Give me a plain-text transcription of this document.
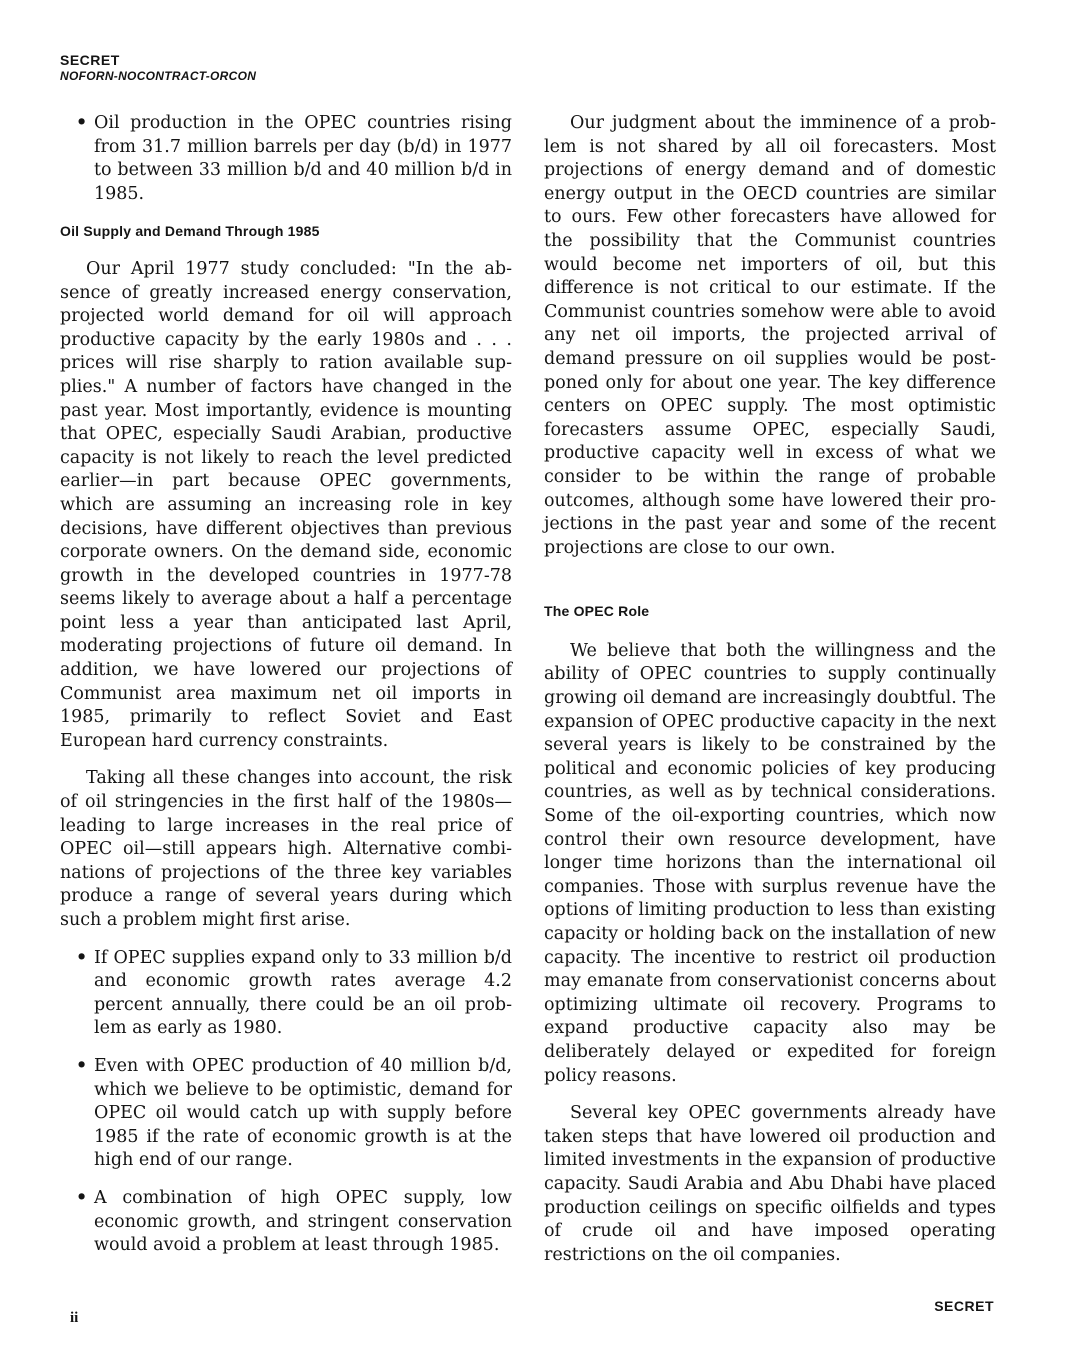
SECRET
NOFORN-NOCONTRACT-ORCON
• Oil production in the OPEC countries rising from 31.7 million barrels per day (b/d) in 1977 to between 33 million b/d and 40 million b/d in 1985.
Oil Supply and Demand Through 1985

Our April 1977 study concluded: "In the absence of greatly increased energy conservation, projected world demand for oil will approach productive capacity by the early 1980s and . . . prices will rise sharply to ration available supplies." A number of factors have changed in the past year. Most importantly, evidence is mounting that OPEC, especially Saudi Arabian, productive capacity is not likely to reach the level predicted earlier—in part because OPEC governments, which are assuming an increasing role in key decisions, have different objectives than previous corporate owners. On the demand side, economic growth in the developed countries in 1977-78 seems likely to average about a half a percentage point less a year than anticipated last April, moderating projections of future oil demand. In addition, we have lowered our projections of Communist area maximum net oil imports in 1985, primarily to reflect Soviet and East European hard currency constraints.

Taking all these changes into account, the risk of oil stringencies in the first half of the 1980s—leading to large increases in the real price of OPEC oil—still appears high. Alternative combinations of projections of the three key variables produce a range of several years during which such a problem might first arise.

• If OPEC supplies expand only to 33 million b/d and economic growth rates average 4.2 percent annually, there could be an oil problem as early as 1980.
• Even with OPEC production of 40 million b/d, which we believe to be optimistic, demand for OPEC oil would catch up with supply before 1985 if the rate of economic growth is at the high end of our range.
• A combination of high OPEC supply, low economic growth, and stringent conservation would avoid a problem at least through 1985.

Our judgment about the imminence of a problem is not shared by all oil forecasters. Most projections of energy demand and of domestic energy output in the OECD countries are similar to ours. Few other forecasters have allowed for the possibility that the Communist countries would become net importers of oil, but this difference is not critical to our estimate. If the Communist countries somehow were able to avoid any net oil imports, the projected arrival of demand pressure on oil supplies would be postponed only for about one year. The key difference centers on OPEC supply. The most optimistic forecasters assume OPEC, especially Saudi, productive capacity well in excess of what we consider to be within the range of probable outcomes, although some have lowered their projections in the past year and some of the recent projections are close to our own.

The OPEC Role

We believe that both the willingness and the ability of OPEC countries to supply continually growing oil demand are increasingly doubtful. The expansion of OPEC productive capacity in the next several years is likely to be constrained by the political and economic policies of key producing countries, as well as by technical considerations. Some of the oil-exporting countries, which now control their own resource development, have longer time horizons than the international oil companies. Those with surplus revenue have the options of limiting production to less than existing capacity or holding back on the installation of new capacity. The incentive to restrict oil production may emanate from conservationist concerns about optimizing ultimate oil recovery. Programs to expand productive capacity also may be deliberately delayed or expedited for foreign policy reasons.

Several key OPEC governments already have taken steps that have lowered oil production and limited investments in the expansion of productive capacity. Saudi Arabia and Abu Dhabi have placed production ceilings on specific oilfields and types of crude oil and have imposed operating restrictions on the oil companies.

ii
SECRET
